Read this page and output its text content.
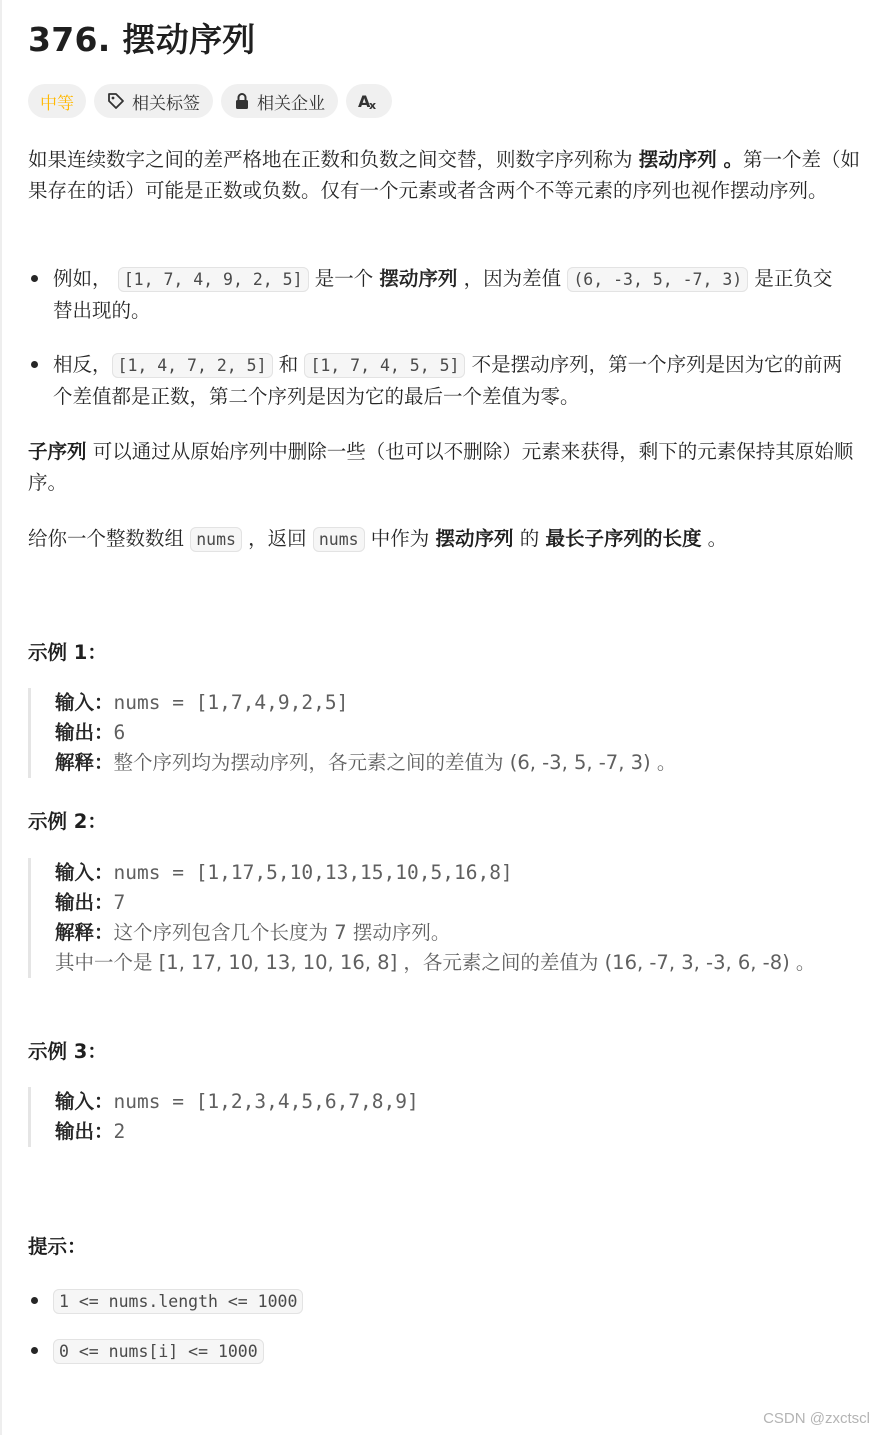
376. 摆动序列
中等	相关标签	相关企业 A
x
如果连续数字之间的差严格地在正数和负数之间交替，则数字序列称为 摆动序列 。第一个差（如果存在的话）可能是正数或负数。仅有一个元素或者含两个不等元素的序列也视作摆动序列。
例如， [1, 7, 4, 9, 2, 5] 是一个 摆动序列 ，因为差值 (6, -3, 5, -7, 3) 是正负交替出现的。
相反， [1, 4, 7, 2, 5] 和 [1, 7, 4, 5, 5] 不是摆动序列，第一个序列是因为它的前两个差值都是正数，第二个序列是因为它的最后一个差值为零。
子序列 可以通过从原始序列中删除一些（也可以不删除）元素来获得，剩下的元素保持其原始顺序。
给你一个整数数组 nums ，返回 nums 中作为 摆动序列 的 最长子序列的长度 。
示例 1：
输入：nums = [1,7,4,9,2,5]
输出：6
解释：整个序列均为摆动序列，各元素之间的差值为 (6, -3, 5, -7, 3) 。
示例 2：
输入：nums = [1,17,5,10,13,15,10,5,16,8]
输出：7
解释：这个序列包含几个长度为 7 摆动序列。
其中一个是 [1, 17, 10, 13, 10, 16, 8] ，各元素之间的差值为 (16, -7, 3, -3, 6, -8) 。
示例 3：
输入：nums = [1,2,3,4,5,6,7,8,9]
输出：2
提示：
1 <= nums.length <= 1000
0 <= nums[i] <= 1000
CSDN @zxctscl
